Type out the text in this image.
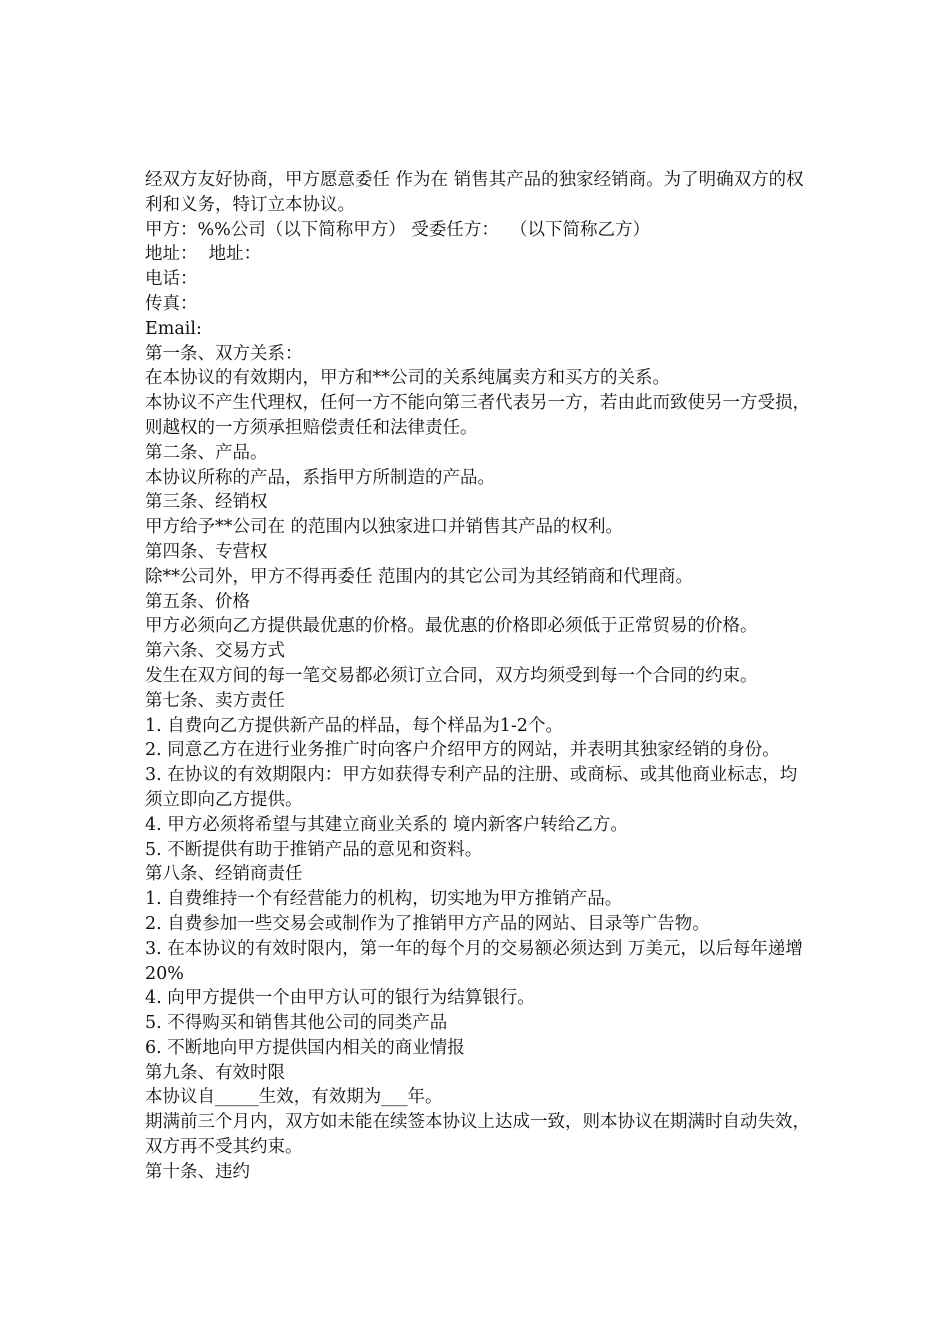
经双方友好协商，甲方愿意委任 作为在 销售其产品的独家经销商。为了明确双方的权利和义务，特订立本协议。

甲方：%%公司（以下简称甲方） 受委任方：  （以下简称乙方）

地址：  地址：

电话：

传真：

Email:

第一条、双方关系：

在本协议的有效期内，甲方和**公司的关系纯属卖方和买方的关系。

本协议不产生代理权，任何一方不能向第三者代表另一方，若由此而致使另一方受损，则越权的一方须承担赔偿责任和法律责任。

第二条、产品。

本协议所称的产品，系指甲方所制造的产品。

第三条、经销权

甲方给予**公司在 的范围内以独家进口并销售其产品的权利。

第四条、专营权

除**公司外，甲方不得再委任 范围内的其它公司为其经销商和代理商。

第五条、价格

甲方必须向乙方提供最优惠的价格。最优惠的价格即必须低于正常贸易的价格。

第六条、交易方式

发生在双方间的每一笔交易都必须订立合同，双方均须受到每一个合同的约束。

第七条、卖方责任

1. 自费向乙方提供新产品的样品，每个样品为1-2个。

2. 同意乙方在进行业务推广时向客户介绍甲方的网站，并表明其独家经销的身份。

3. 在协议的有效期限内：甲方如获得专利产品的注册、或商标、或其他商业标志，均须立即向乙方提供。

4. 甲方必须将希望与其建立商业关系的 境内新客户转给乙方。

5. 不断提供有助于推销产品的意见和资料。

第八条、经销商责任

1. 自费维持一个有经营能力的机构，切实地为甲方推销产品。

2. 自费参加一些交易会或制作为了推销甲方产品的网站、目录等广告物。

3. 在本协议的有效时限内，第一年的每个月的交易额必须达到 万美元，以后每年递增20%

4. 向甲方提供一个由甲方认可的银行为结算银行。

5. 不得购买和销售其他公司的同类产品

6. 不断地向甲方提供国内相关的商业情报

第九条、有效时限

本协议自_____生效，有效期为___年。

期满前三个月内，双方如未能在续签本协议上达成一致，则本协议在期满时自动失效，双方再不受其约束。

第十条、违约
